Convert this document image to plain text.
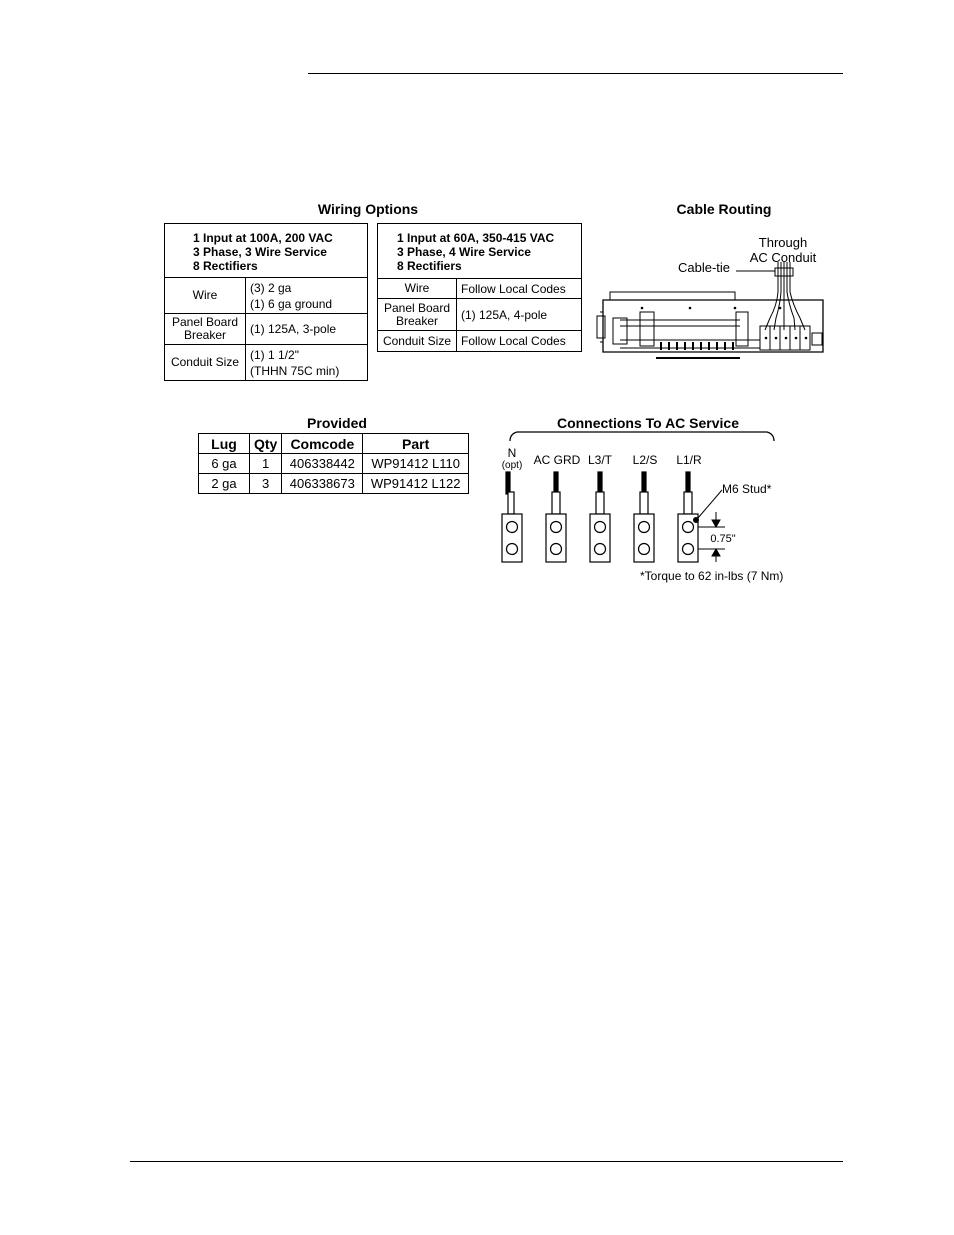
Wiring Options
1 Input at 100A, 200 VAC
3 Phase, 3 Wire Service
8 Rectifiers	

Wire	(3) 2 ga
(1) 6 ga ground

Panel Board
Breaker	(1) 125A, 3-pole
Conduit Size	(1) 1 1/2"
(THHN 75C min)
1 Input at 60A, 350-415 VAC
3 Phase, 4 Wire Service
8 Rectifiers	

Wire	Follow Local Codes

Panel Board
Breaker	(1) 125A, 4-pole
Conduit Size	Follow Local Codes
Cable Routing
Through
AC Conduit
Cable-tie
Provided
Lug	Qty	Comcode	Part
6 ga	1	406338442	WP91412 L110
2 ga	3	406338673	WP91412 L122
Connections To AC Service
N
(opt) AC GRD L3/T	L2/S	L1/R
M6 Stud*
0.75"
*Torque to 62 in-lbs (7 Nm)
